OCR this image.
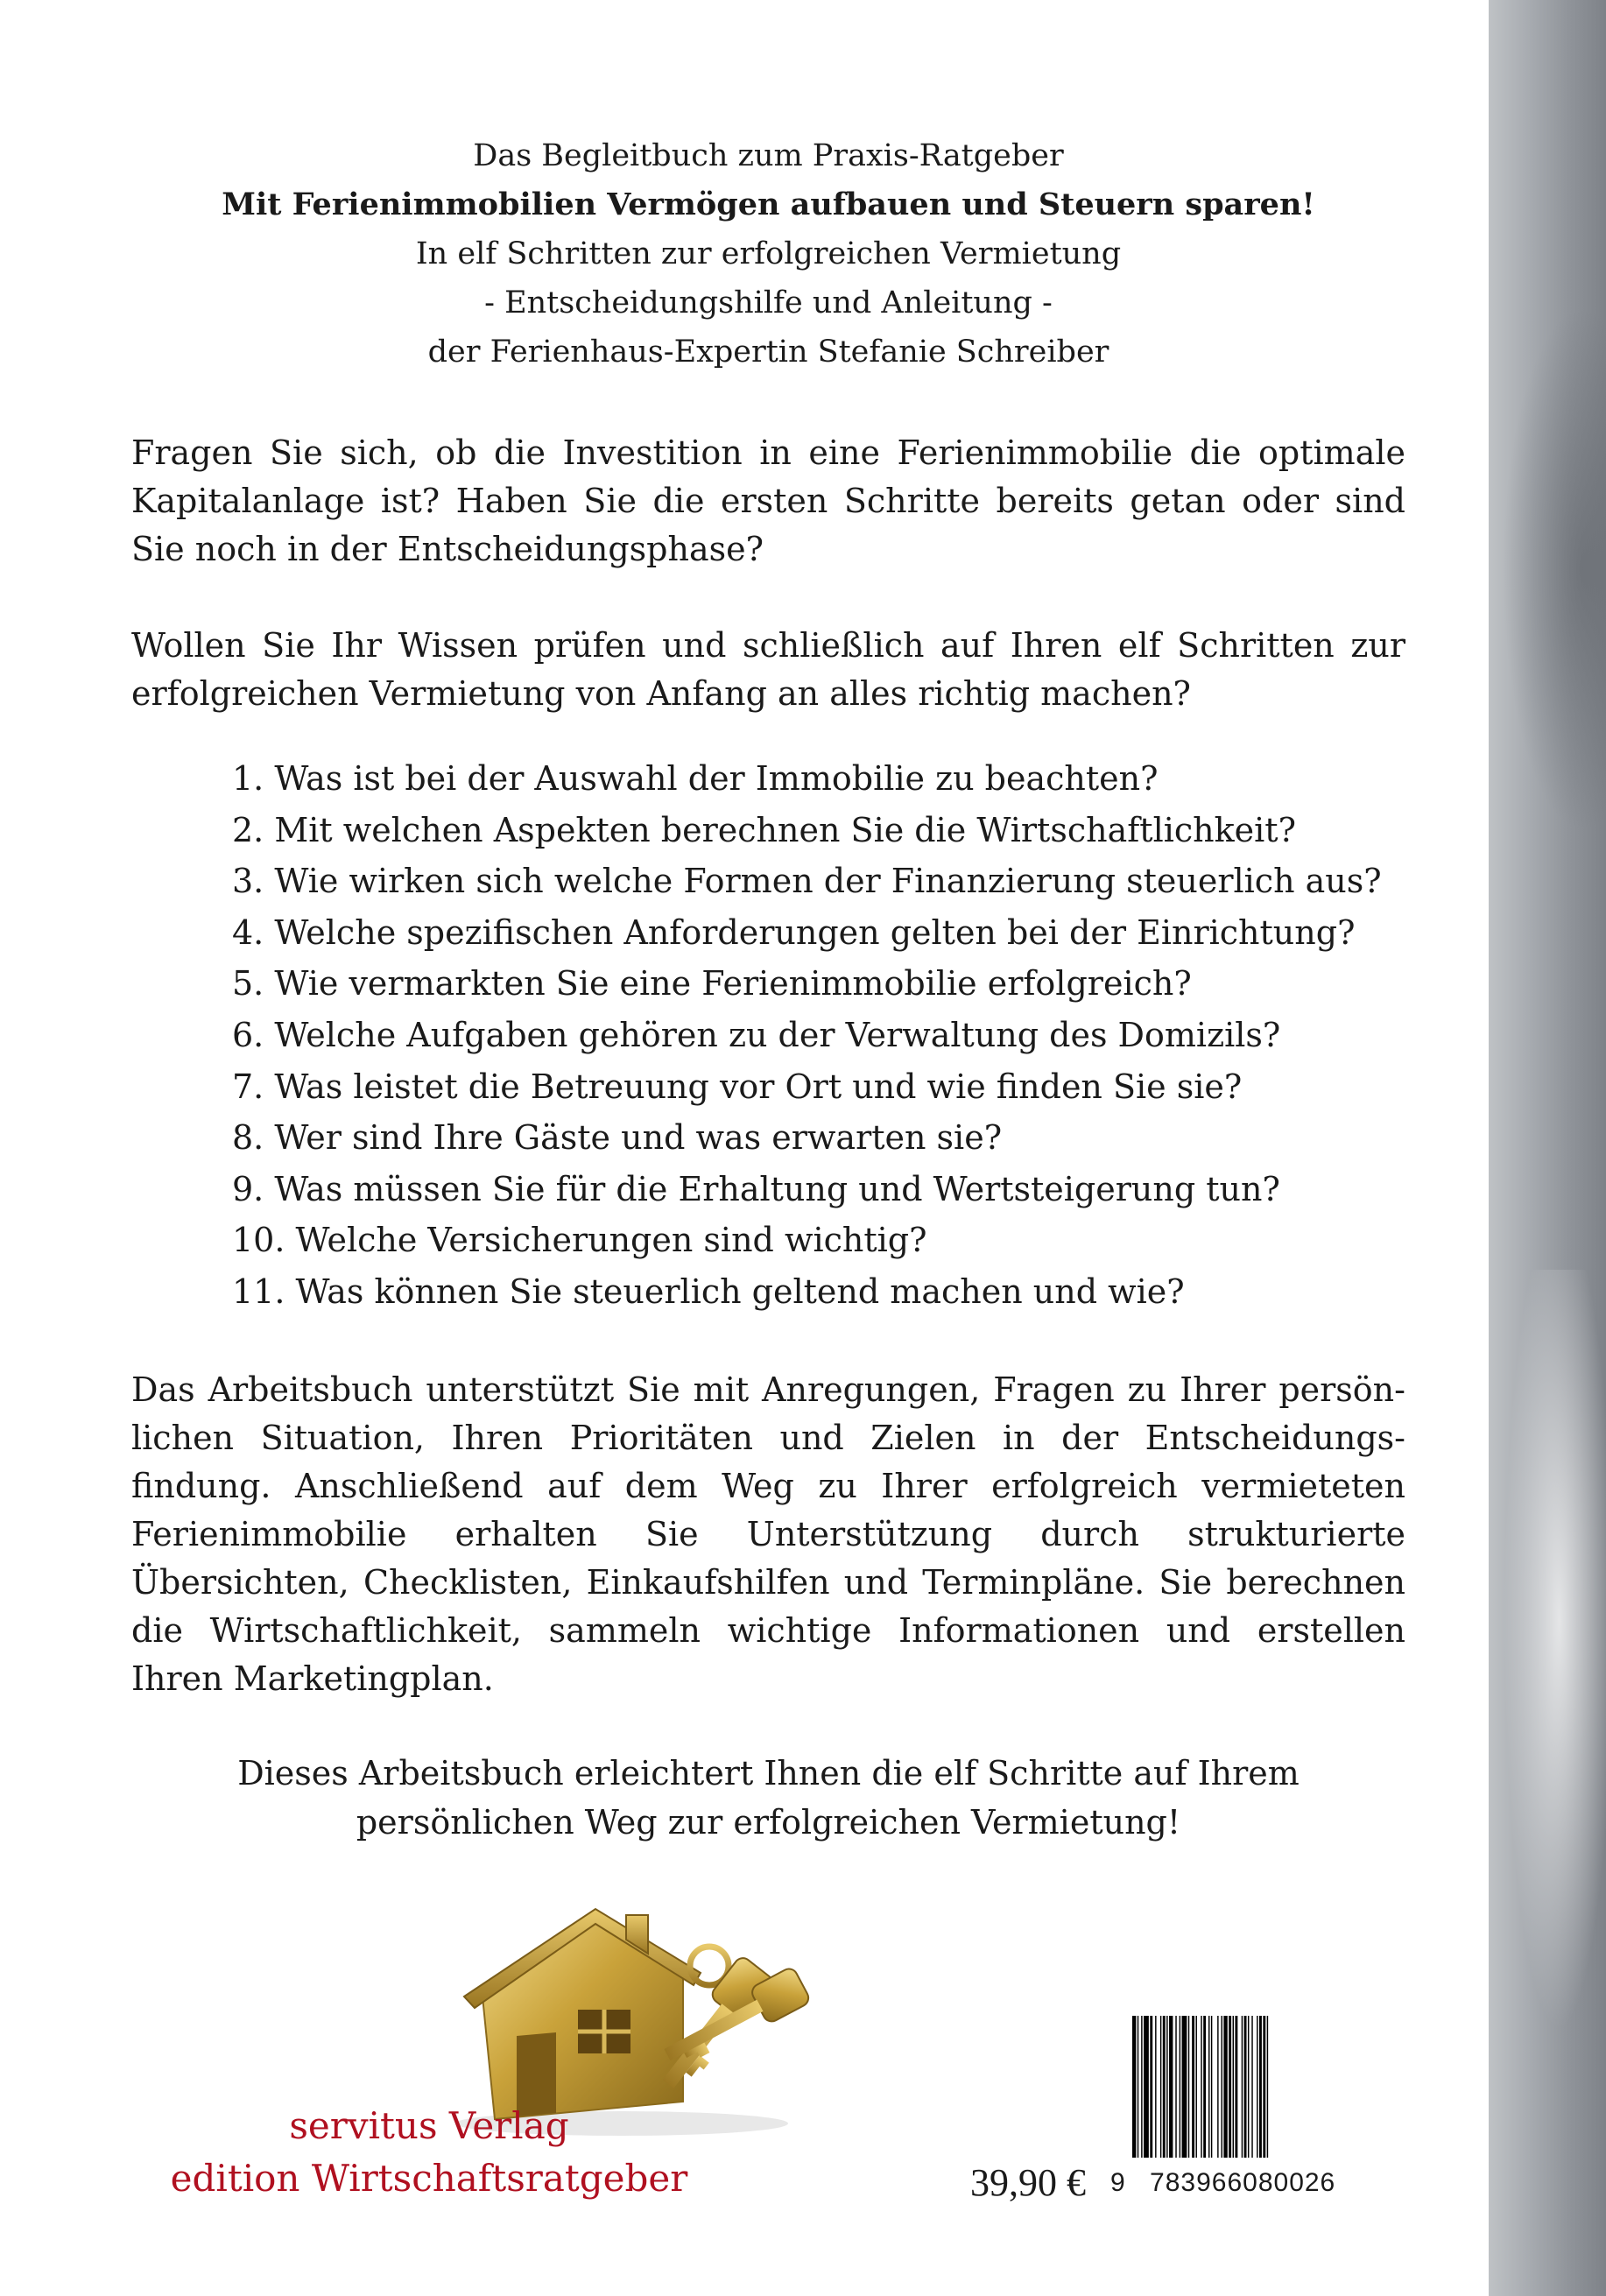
Das Begleitbuch zum Praxis-Ratgeber
Mit Ferienimmobilien Vermögen aufbauen und Steuern sparen!
In elf Schritten zur erfolgreichen Vermietung
- Entscheidungshilfe und Anleitung -
der Ferienhaus-Expertin Stefanie Schreiber

Fragen Sie sich, ob die Investition in eine Ferienimmobilie die optimale Kapitalanlage ist? Haben Sie die ersten Schritte bereits getan oder sind Sie noch in der Entscheidungsphase?

Wollen Sie Ihr Wissen prüfen und schließlich auf Ihren elf Schritten zur erfolgreichen Vermietung von Anfang an alles richtig machen?

1. Was ist bei der Auswahl der Immobilie zu beachten?
2. Mit welchen Aspekten berechnen Sie die Wirtschaftlichkeit?
3. Wie wirken sich welche Formen der Finanzierung steuerlich aus?
4. Welche spezifischen Anforderungen gelten bei der Einrichtung?
5. Wie vermarkten Sie eine Ferienimmobilie erfolgreich?
6. Welche Aufgaben gehören zu der Verwaltung des Domizils?
7. Was leistet die Betreuung vor Ort und wie finden Sie sie?
8. Wer sind Ihre Gäste und was erwarten sie?
9. Was müssen Sie für die Erhaltung und Wertsteigerung tun?
10. Welche Versicherungen sind wichtig?
11. Was können Sie steuerlich geltend machen und wie?

Das Arbeitsbuch unterstützt Sie mit Anregungen, Fragen zu Ihrer persön-lichen Situation, Ihren Prioritäten und Zielen in der Entscheidungs-findung. Anschließend auf dem Weg zu Ihrer erfolgreich vermieteten Ferienimmobilie erhalten Sie Unterstützung durch strukturierte Übersichten, Checklisten, Einkaufshilfen und Terminpläne. Sie berechnen die Wirtschaftlichkeit, sammeln wichtige Informationen und erstellen Ihren Marketingplan.

Dieses Arbeitsbuch erleichtert Ihnen die elf Schritte auf Ihrem
persönlichen Weg zur erfolgreichen Vermietung!
servitus Verlag
edition Wirtschaftsratgeber	39,90 € 9 783966080026
